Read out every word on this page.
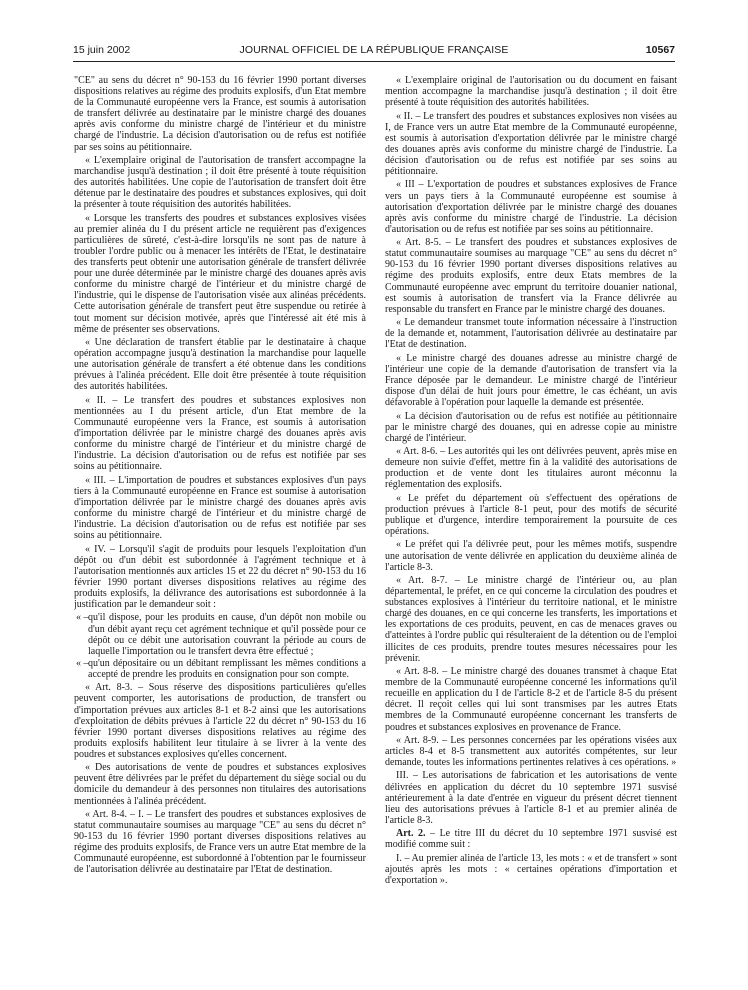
15 juin 2002	JOURNAL OFFICIEL DE LA RÉPUBLIQUE FRANÇAISE	10567

"CE" au sens du décret n° 90-153 du 16 février 1990 portant diverses dispositions relatives au régime des produits explosifs, d'un Etat membre de la Communauté européenne vers la France, est soumis à autorisation de transfert délivrée au destinataire par le ministre chargé des douanes après avis conforme du ministre chargé de l'intérieur et du ministre chargé de l'industrie. La décision d'autorisation ou de refus est notifiée par ses soins au pétitionnaire.

« L'exemplaire original de l'autorisation de transfert accompagne la marchandise jusqu'à destination ; il doit être présenté à toute réquisition des autorités habilitées. Une copie de l'autorisation de transfert doit être détenue par le destinataire des poudres et substances explosives, qui doit la présenter à toute réquisition des autorités habilitées.

« Lorsque les transferts des poudres et substances explosives visées au premier alinéa du I du présent article ne requièrent pas d'exigences particulières de sûreté, c'est-à-dire lorsqu'ils ne sont pas de nature à troubler l'ordre public ou à menacer les intérêts de l'Etat, le destinataire des transferts peut obtenir une autorisation générale de transfert délivrée pour une durée déterminée par le ministre chargé des douanes après avis conforme du ministre chargé de l'intérieur et du ministre chargé de l'industrie, qui le dispense de l'autorisation visée aux alinéas précédents. Cette autorisation générale de transfert peut être suspendue ou retirée à tout moment sur décision motivée, après que l'intéressé ait été mis à même de présenter ses observations.

« Une déclaration de transfert établie par le destinataire à chaque opération accompagne jusqu'à destination la marchandise pour laquelle une autorisation générale de transfert a été obtenue dans les conditions prévues à l'alinéa précédent. Elle doit être présentée à toute réquisition des autorités habilitées.

« II. – Le transfert des poudres et substances explosives non mentionnées au I du présent article, d'un Etat membre de la Communauté européenne vers la France, est soumis à autorisation d'importation délivrée par le ministre chargé des douanes après avis conforme du ministre chargé de l'intérieur et du ministre chargé de l'industrie. La décision d'autorisation ou de refus est notifiée par ses soins au pétitionnaire.

« III. – L'importation de poudres et substances explosives d'un pays tiers à la Communauté européenne en France est soumise à autorisation d'importation délivrée par le ministre chargé des douanes après avis conforme du ministre chargé de l'intérieur et du ministre chargé de l'industrie. La décision d'autorisation ou de refus est notifiée par ses soins au pétitionnaire.

« IV. – Lorsqu'il s'agit de produits pour lesquels l'exploitation d'un dépôt ou d'un débit est subordonnée à l'agrément technique et à l'autorisation mentionnés aux articles 15 et 22 du décret n° 90-153 du 16 février 1990 portant diverses dispositions relatives au régime des produits explosifs, la délivrance des autorisations est subordonnée à la justification par le demandeur soit :

« – qu'il dispose, pour les produits en cause, d'un dépôt non mobile ou d'un débit ayant reçu cet agrément technique et qu'il possède pour ce dépôt ou ce débit une autorisation couvrant la période au cours de laquelle l'importation ou le transfert devra être effectué ;
« – qu'un dépositaire ou un débitant remplissant les mêmes conditions a accepté de prendre les produits en consignation pour son compte.

« Art. 8-3. – Sous réserve des dispositions particulières qu'elles peuvent comporter, les autorisations de production, de transfert ou d'importation prévues aux articles 8-1 et 8-2 ainsi que les autorisations d'exploitation de débits prévues à l'article 22 du décret n° 90-153 du 16 février 1990 portant diverses dispositions relatives au régime des produits explosifs habilitent leur titulaire à se livrer à la vente des poudres et substances explosives qu'elles concernent.

« Des autorisations de vente de poudres et substances explosives peuvent être délivrées par le préfet du département du siège social ou du domicile du demandeur à des personnes non titulaires des autorisations mentionnées à l'alinéa précédent.

« Art. 8-4. – I. – Le transfert des poudres et substances explosives de statut communautaire soumises au marquage "CE" au sens du décret n° 90-153 du 16 février 1990 portant diverses dispositions relatives au régime des produits explosifs, de France vers un autre Etat membre de la Communauté européenne, est subordonné à l'obtention par le fournisseur de l'autorisation délivrée au destinataire par l'Etat de destination.

« L'exemplaire original de l'autorisation ou du document en faisant mention accompagne la marchandise jusqu'à destination ; il doit être présenté à toute réquisition des autorités habilitées.

« II. – Le transfert des poudres et substances explosives non visées au I, de France vers un autre Etat membre de la Communauté européenne, est soumis à autorisation d'exportation délivrée par le ministre chargé des douanes après avis conforme du ministre chargé de l'industrie. La décision d'autorisation ou de refus est notifiée par ses soins au pétitionnaire.

« III – L'exportation de poudres et substances explosives de France vers un pays tiers à la Communauté européenne est soumise à autorisation d'exportation délivrée par le ministre chargé des douanes après avis conforme du ministre chargé de l'industrie. La décision d'autorisation ou de refus est notifiée par ses soins au pétitionnaire.

« Art. 8-5. – Le transfert des poudres et substances explosives de statut communautaire soumises au marquage "CE" au sens du décret n° 90-153 du 16 février 1990 portant diverses dispositions relatives au régime des produits explosifs, entre deux Etats membres de la Communauté européenne avec emprunt du territoire douanier national, est soumis à autorisation de transfert via la France délivrée au responsable du transfert en France par le ministre chargé des douanes.

« Le demandeur transmet toute information nécessaire à l'instruction de la demande et, notamment, l'autorisation délivrée au destinataire par l'Etat de destination.

« Le ministre chargé des douanes adresse au ministre chargé de l'intérieur une copie de la demande d'autorisation de transfert via la France déposée par le demandeur. Le ministre chargé de l'intérieur dispose d'un délai de huit jours pour émettre, le cas échéant, un avis défavorable à l'opération pour laquelle la demande est présentée.

« La décision d'autorisation ou de refus est notifiée au pétitionnaire par le ministre chargé des douanes, qui en adresse copie au ministre chargé de l'intérieur.

« Art. 8-6. – Les autorités qui les ont délivrées peuvent, après mise en demeure non suivie d'effet, mettre fin à la validité des autorisations de production et de vente dont les titulaires auront méconnu la réglementation des explosifs.

« Le préfet du département où s'effectuent des opérations de production prévues à l'article 8-1 peut, pour des motifs de sécurité publique et d'urgence, interdire temporairement la poursuite de ces opérations.

« Le préfet qui l'a délivrée peut, pour les mêmes motifs, suspendre une autorisation de vente délivrée en application du deuxième alinéa de l'article 8-3.

« Art. 8-7. – Le ministre chargé de l'intérieur ou, au plan départemental, le préfet, en ce qui concerne la circulation des poudres et substances explosives à l'intérieur du territoire national, et le ministre chargé des douanes, en ce qui concerne les transferts, les importations et les exportations de ces produits, peuvent, en cas de menaces graves ou d'atteintes à l'ordre public qui résulteraient de la détention ou de l'emploi illicites de ces produits, prendre toutes mesures nécessaires pour les prévenir.

« Art. 8-8. – Le ministre chargé des douanes transmet à chaque Etat membre de la Communauté européenne concerné les informations qu'il recueille en application du I de l'article 8-2 et de l'article 8-5 du présent décret. Il reçoit celles qui lui sont transmises par les autres Etats membres de la Communauté européenne concernant les transferts de poudres et substances explosives en provenance de France.

« Art. 8-9. – Les personnes concernées par les opérations visées aux articles 8-4 et 8-5 transmettent aux autorités compétentes, sur leur demande, toutes les informations pertinentes relatives à ces opérations. »

III. – Les autorisations de fabrication et les autorisations de vente délivrées en application du décret du 10 septembre 1971 susvisé antérieurement à la date d'entrée en vigueur du présent décret tiennent lieu des autorisations prévues à l'article 8-1 et au premier alinéa de l'article 8-3.

Art. 2. – Le titre III du décret du 10 septembre 1971 susvisé est modifié comme suit :

I. – Au premier alinéa de l'article 13, les mots : « et de transfert » sont ajoutés après les mots : « certaines opérations d'importation et d'exportation ».
